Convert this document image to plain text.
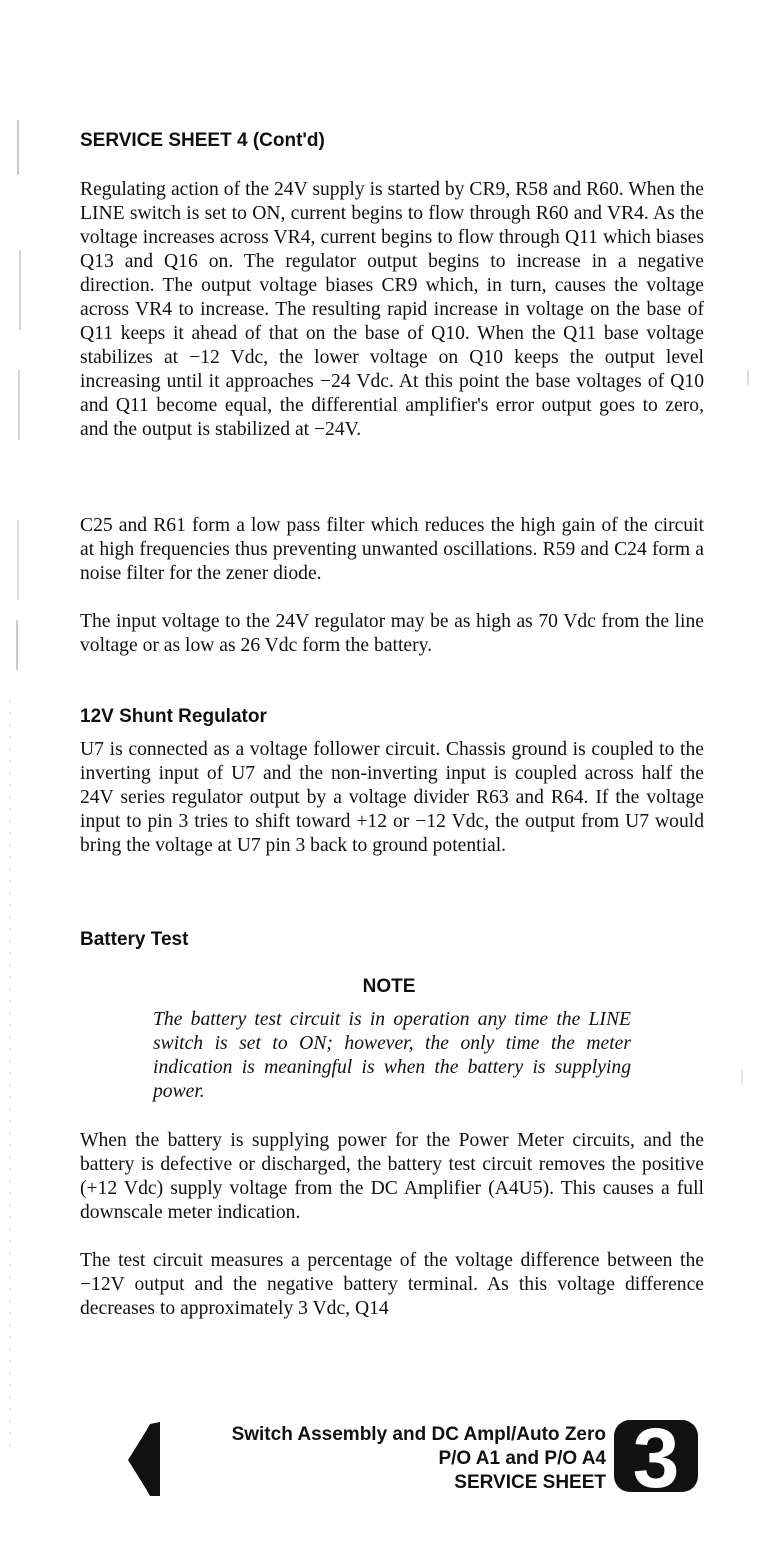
SERVICE SHEET 4 (Cont'd)

Regulating action of the 24V supply is started by CR9, R58 and R60. When the LINE switch is set to ON, current begins to flow through R60 and VR4. As the voltage increases across VR4, current begins to flow through Q11 which biases Q13 and Q16 on. The regulator output begins to increase in a negative direction. The output voltage biases CR9 which, in turn, causes the voltage across VR4 to increase. The resulting rapid increase in voltage on the base of Q11 keeps it ahead of that on the base of Q10. When the Q11 base voltage stabilizes at −12 Vdc, the lower voltage on Q10 keeps the output level increasing until it approaches −24 Vdc. At this point the base voltages of Q10 and Q11 become equal, the differential amplifier's error output goes to zero, and the output is stabilized at −24V.

C25 and R61 form a low pass filter which reduces the high gain of the circuit at high frequencies thus preventing unwanted oscillations. R59 and C24 form a noise filter for the zener diode.

The input voltage to the 24V regulator may be as high as 70 Vdc from the line voltage or as low as 26 Vdc form the battery.

12V Shunt Regulator

U7 is connected as a voltage follower circuit. Chassis ground is coupled to the inverting input of U7 and the non-inverting input is coupled across half the 24V series regulator output by a voltage divider R63 and R64. If the voltage input to pin 3 tries to shift toward +12 or −12 Vdc, the output from U7 would bring the voltage at U7 pin 3 back to ground potential.

Battery Test
NOTE

The battery test circuit is in operation any time the LINE switch is set to ON; however, the only time the meter indication is meaningful is when the battery is supplying power.

When the battery is supplying power for the Power Meter circuits, and the battery is defective or discharged, the battery test circuit removes the positive (+12 Vdc) supply voltage from the DC Amplifier (A4U5). This causes a full downscale meter indication.

The test circuit measures a percentage of the voltage difference between the −12V output and the negative battery terminal. As this voltage difference decreases to approximately 3 Vdc, Q14

Switch Assembly and DC Ampl/Auto Zero
P/O A1 and P/O A4
SERVICE SHEET 3
